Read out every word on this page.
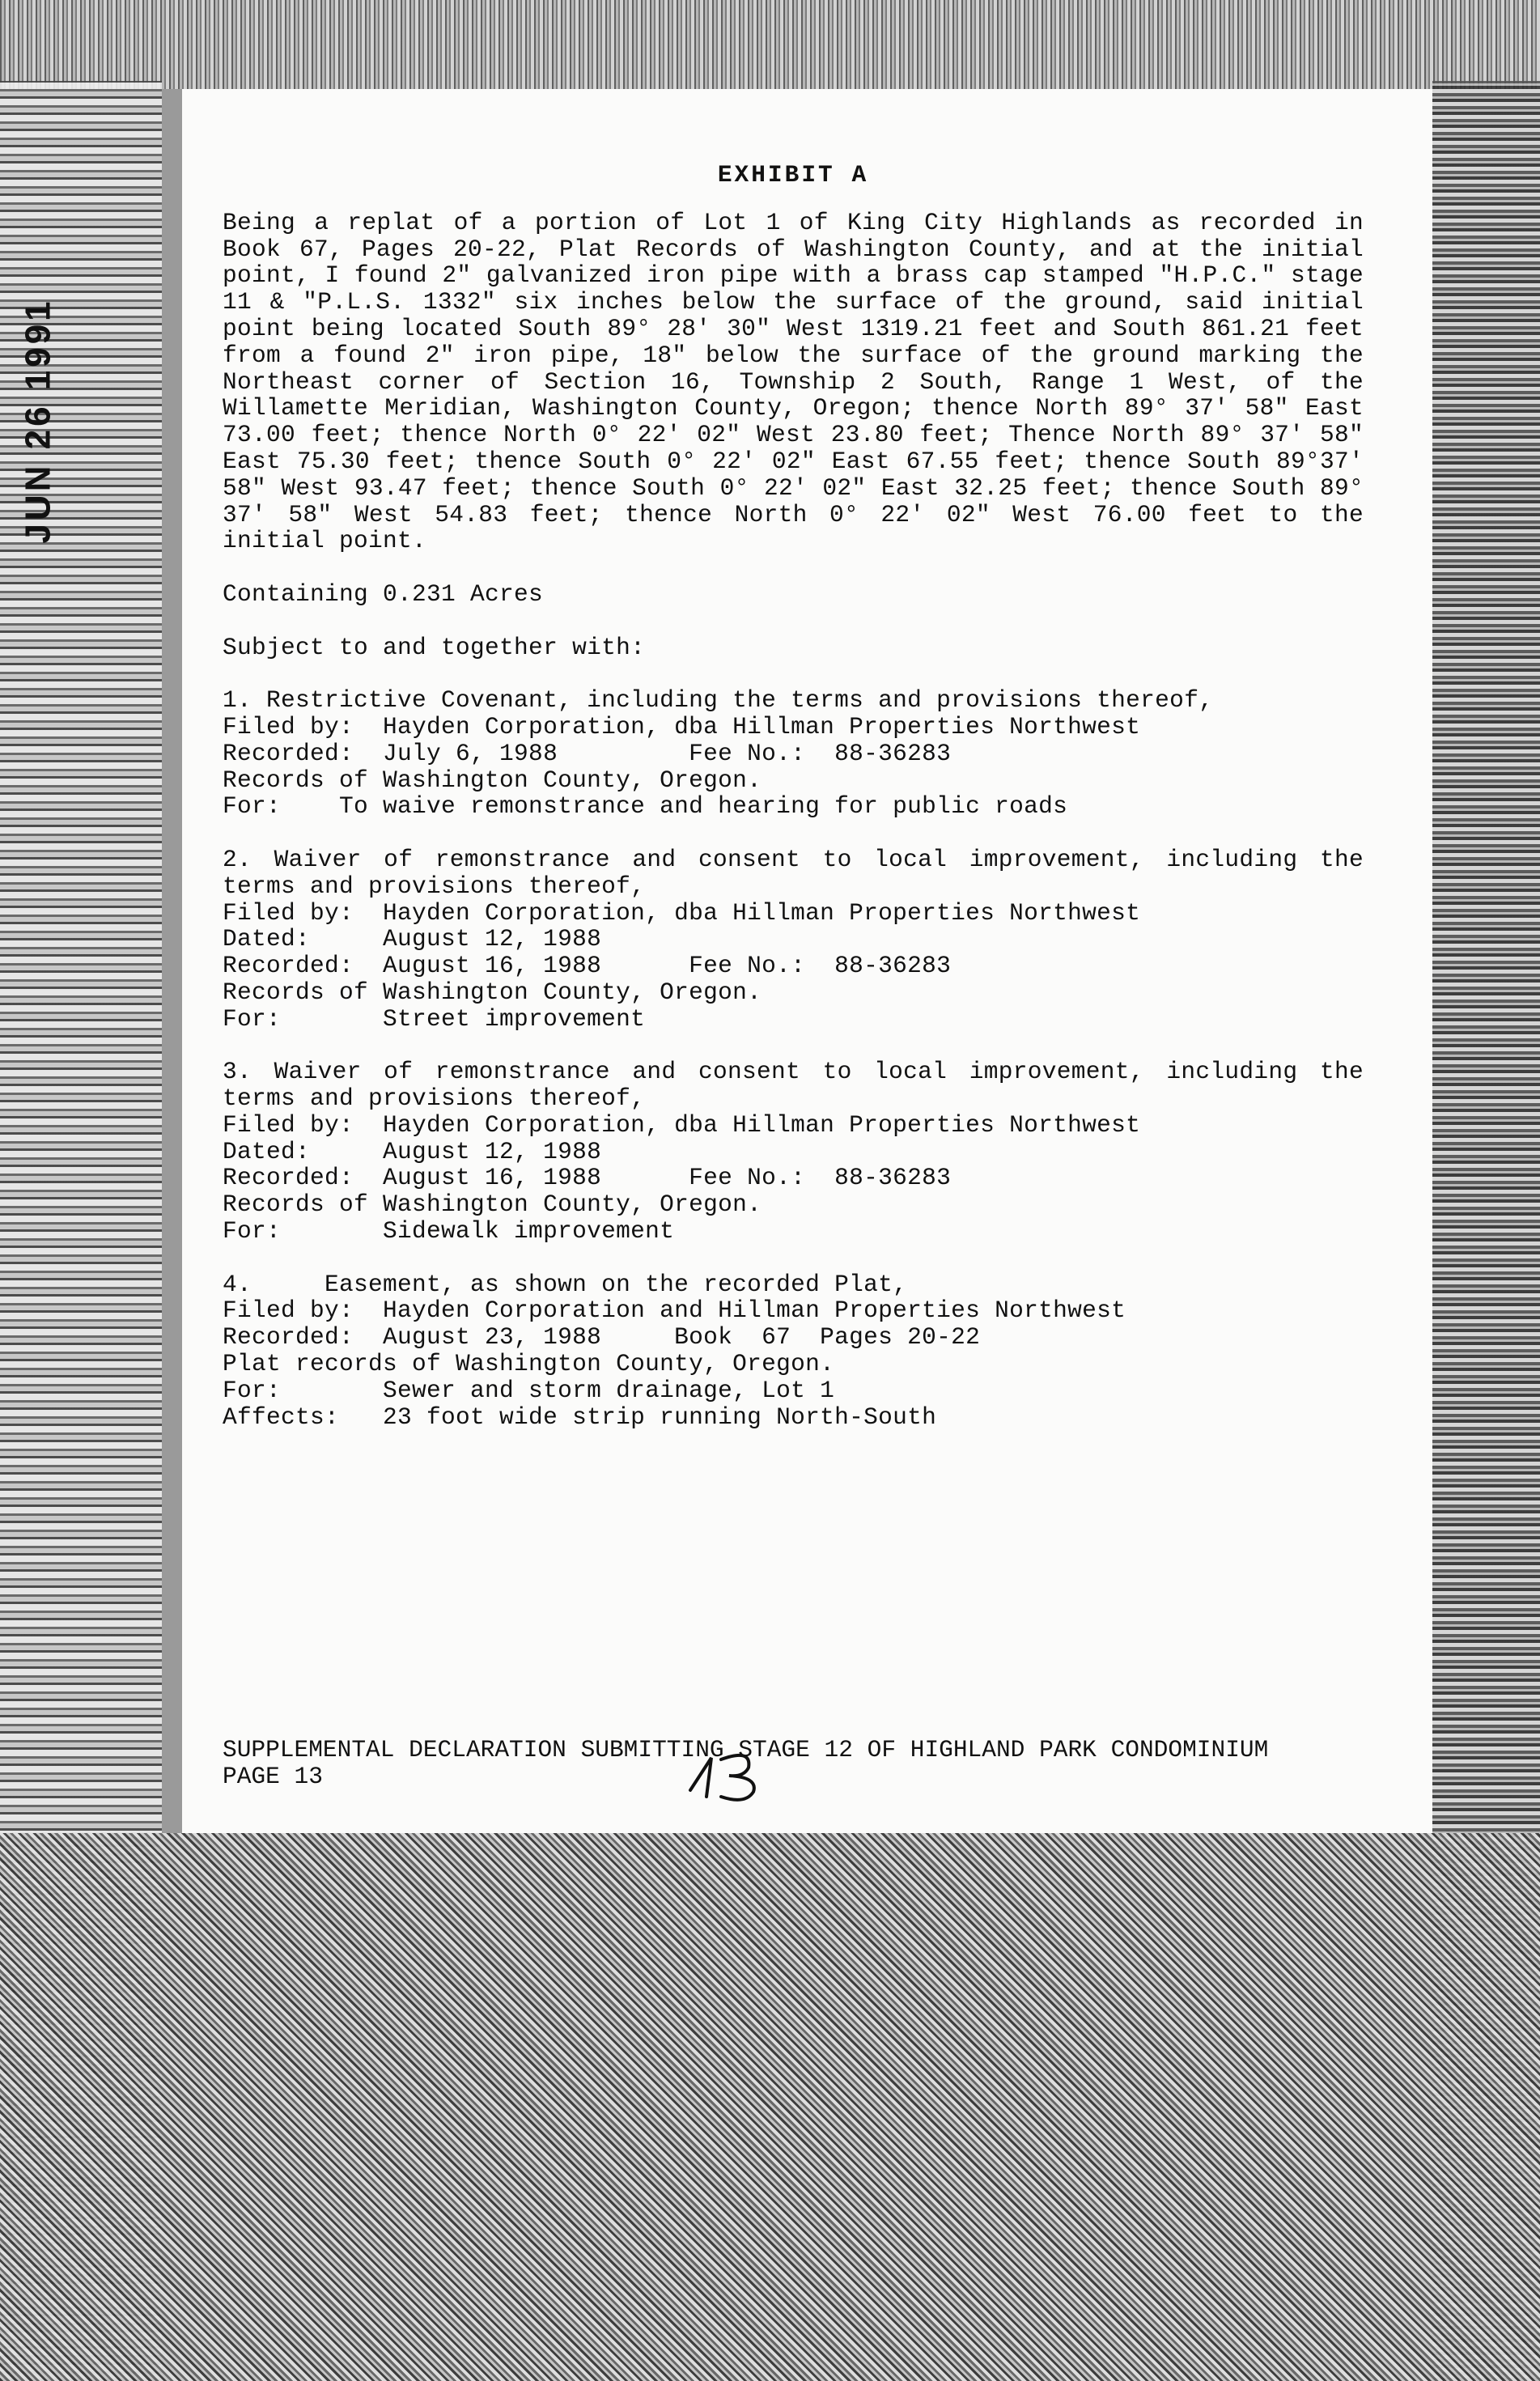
JUN 26 1991
EXHIBIT A

Being a replat of a portion of Lot 1 of King City Highlands as recorded in Book 67, Pages 20-22, Plat Records of Washington County, and at the initial point, I found 2" galvanized iron pipe with a brass cap stamped "H.P.C." stage 11 & "P.L.S. 1332" six inches below the surface of the ground, said initial point being located South 89° 28′ 30" West 1319.21 feet and South 861.21 feet from a found 2" iron pipe, 18" below the surface of the ground marking the Northeast corner of Section 16, Township 2 South, Range 1 West, of the Willamette Meridian, Washington County, Oregon; thence North 89° 37′ 58" East 73.00 feet; thence North 0° 22′ 02" West 23.80 feet; Thence North 89° 37′ 58" East 75.30 feet; thence South 0° 22′ 02" East 67.55 feet; thence South 89°37′ 58" West 93.47 feet; thence South 0° 22′ 02" East 32.25 feet; thence South 89° 37′ 58" West 54.83 feet; thence North 0° 22′ 02" West 76.00 feet to the initial point.

Containing 0.231 Acres

Subject to and together with:

1. Restrictive Covenant, including the terms and provisions thereof,

Filed by:  Hayden Corporation, dba Hillman Properties Northwest

Recorded:  July 6, 1988         Fee No.:  88-36283

Records of Washington County, Oregon.

For:    To waive remonstrance and hearing for public roads

2. Waiver of remonstrance and consent to local improvement, including the terms and provisions thereof,

Filed by:  Hayden Corporation, dba Hillman Properties Northwest

Dated:     August 12, 1988

Recorded:  August 16, 1988      Fee No.:  88-36283

Records of Washington County, Oregon.

For:       Street improvement

3. Waiver of remonstrance and consent to local improvement, including the terms and provisions thereof,

Filed by:  Hayden Corporation, dba Hillman Properties Northwest

Dated:     August 12, 1988

Recorded:  August 16, 1988      Fee No.:  88-36283

Records of Washington County, Oregon.

For:       Sidewalk improvement

4.     Easement, as shown on the recorded Plat,

Filed by:  Hayden Corporation and Hillman Properties Northwest

Recorded:  August 23, 1988     Book  67  Pages 20-22

Plat records of Washington County, Oregon.

For:       Sewer and storm drainage, Lot 1

Affects:   23 foot wide strip running North-South

SUPPLEMENTAL DECLARATION SUBMITTING STAGE 12 OF HIGHLAND PARK CONDOMINIUM

PAGE 13
